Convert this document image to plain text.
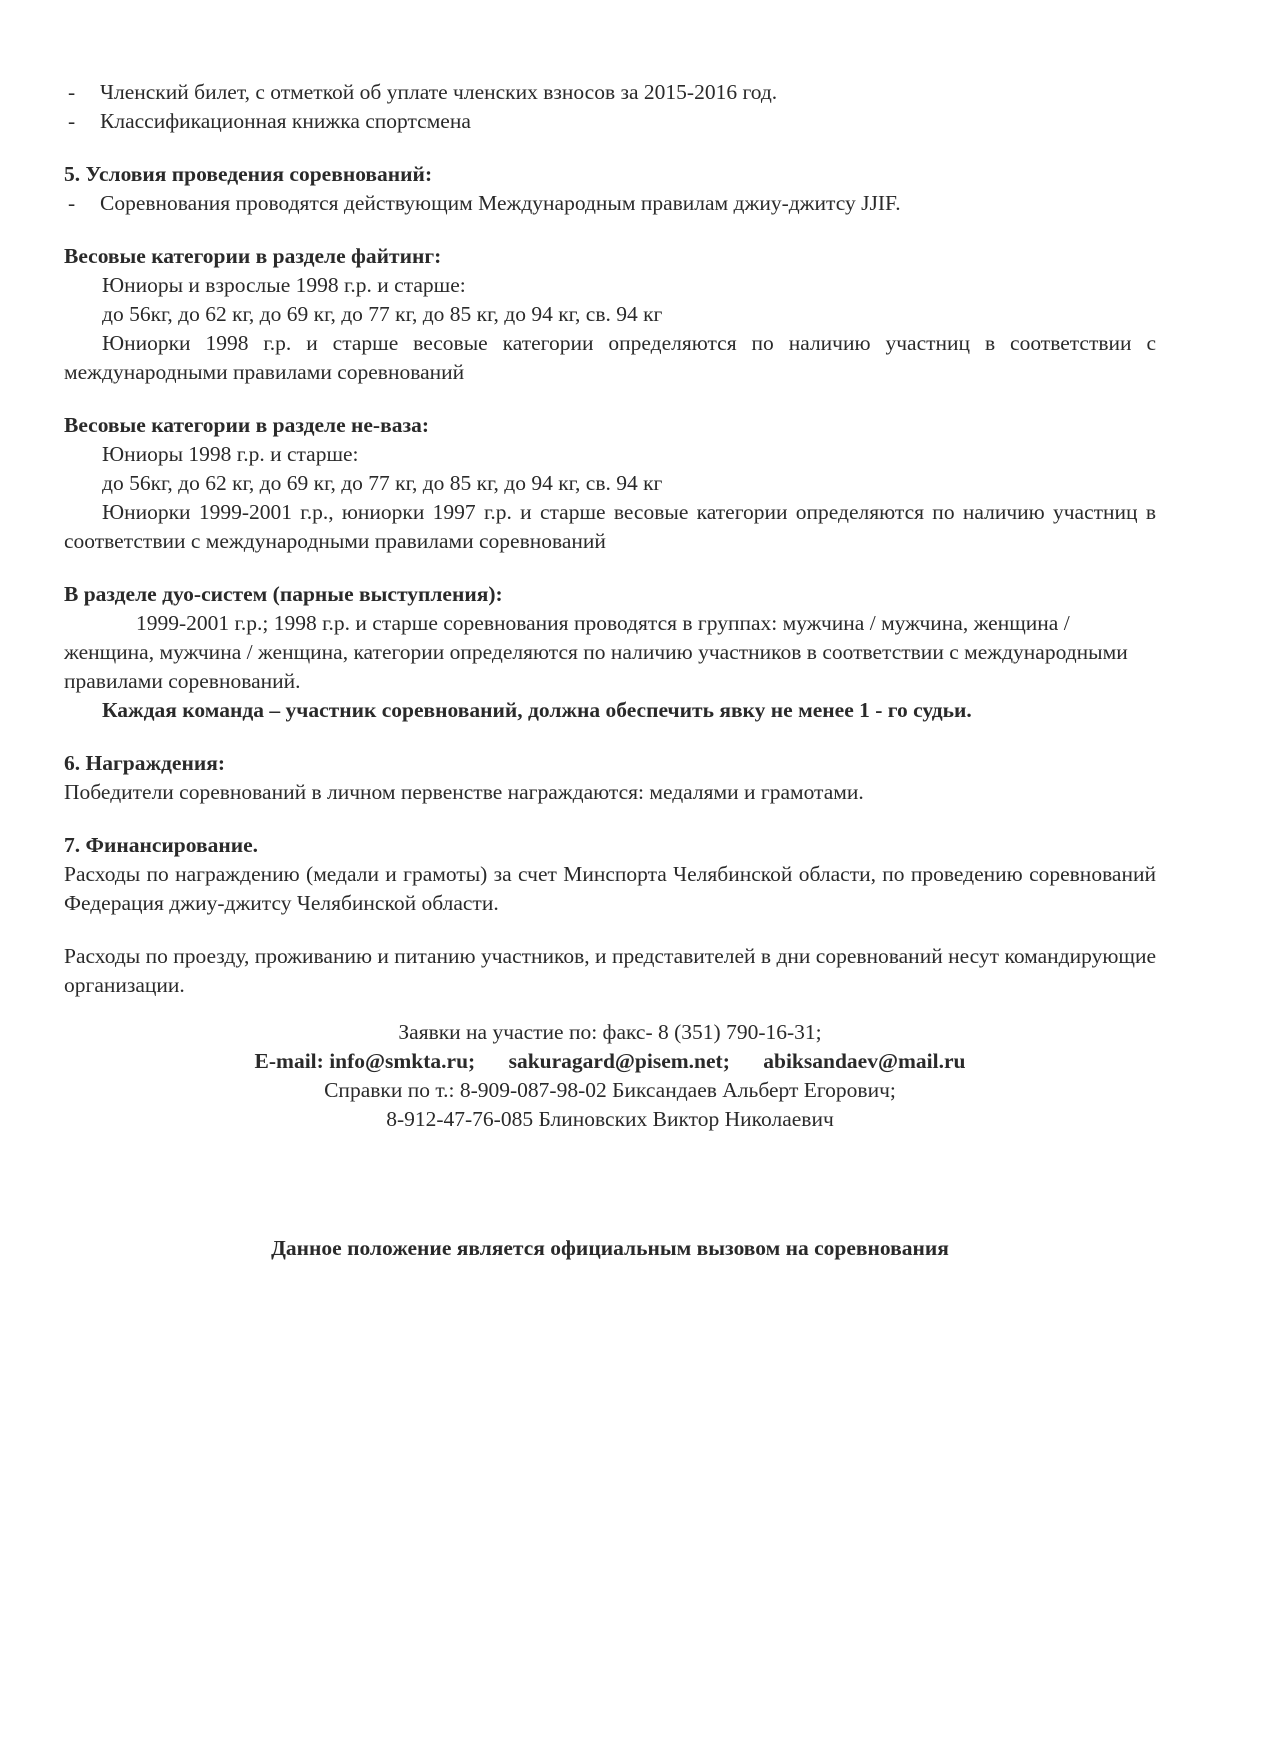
- Членский билет, с отметкой об уплате членских взносов за 2015-2016 год.
- Классификационная книжка спортсмена
5. Условия проведения соревнований:
- Соревнования проводятся действующим Международным правилам джиу-джитсу JJIF.
Весовые категории в разделе файтинг:
Юниоры и взрослые 1998 г.р. и старше:
до 56кг, до 62 кг, до 69 кг, до 77 кг, до 85 кг, до 94 кг, св. 94 кг
Юниорки 1998 г.р. и старше весовые категории определяются по наличию участниц в соответствии с международными правилами соревнований
Весовые категории в разделе не-ваза:
Юниоры 1998 г.р. и старше:
до 56кг, до 62 кг, до 69 кг, до 77 кг, до 85 кг, до 94 кг, св. 94 кг
Юниорки 1999-2001 г.р., юниорки 1997 г.р. и старше весовые категории определяются по наличию участниц в соответствии с международными правилами соревнований
В разделе дуо-систем (парные выступления):
1999-2001 г.р.; 1998 г.р. и старше соревнования проводятся в группах: мужчина / мужчина, женщина / женщина, мужчина / женщина, категории определяются по наличию участников в соответствии с международными правилами соревнований.
Каждая команда – участник соревнований, должна обеспечить явку не менее 1 - го судьи.
6. Награждения:
Победители соревнований в личном первенстве награждаются: медалями и грамотами.
7. Финансирование.
Расходы по награждению (медали и грамоты) за счет Минспорта Челябинской области, по проведению соревнований Федерация джиу-джитсу Челябинской области.
Расходы по проезду, проживанию и питанию участников, и представителей в дни соревнований несут командирующие организации.
Заявки на участие по: факс- 8 (351) 790-16-31;
E-mail: info@smkta.ru; sakuragard@pisem.net; abiksandaev@mail.ru
Справки по т.: 8-909-087-98-02 Биксандаев Альберт Егорович;
8-912-47-76-085 Блиновских Виктор Николаевич
Данное положение является официальным вызовом на соревнования
